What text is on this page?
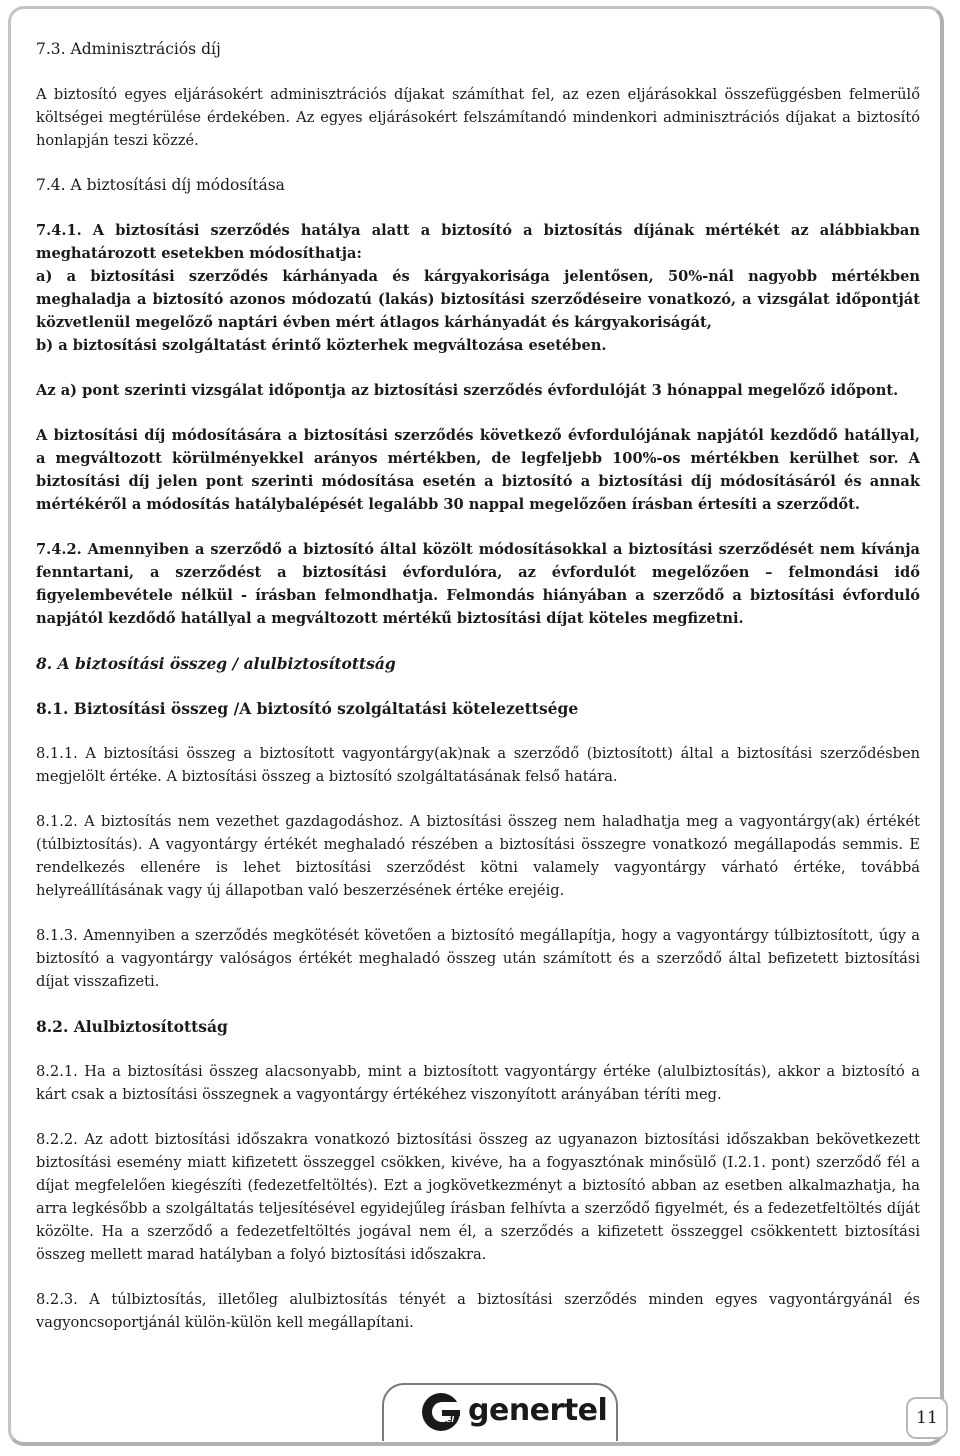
7.3. Adminisztrációs díj

A biztosító egyes eljárásokért adminisztrációs díjakat számíthat fel, az ezen eljárásokkal összefüggésben felmerülő költségei megtérülése érdekében. Az egyes eljárásokért felszámítandó mindenkori adminisztrációs díjakat a biztosító honlapján teszi közzé.

7.4. A biztosítási díj módosítása

7.4.1. A biztosítási szerződés hatálya alatt a biztosító a biztosítás díjának mértékét az alábbiakban meghatározott esetekben módosíthatja:

a) a biztosítási szerződés kárhányada és kárgyakorisága jelentősen, 50%-nál nagyobb mértékben meghaladja a biztosító azonos módozatú (lakás) biztosítási szerződéseire vonatkozó, a vizsgálat időpontját közvetlenül megelőző naptári évben mért átlagos kárhányadát és kárgyakoriságát,

b) a biztosítási szolgáltatást érintő közterhek megváltozása esetében.

Az a) pont szerinti vizsgálat időpontja az biztosítási szerződés évfordulóját 3 hónappal megelőző időpont.

A biztosítási díj módosítására a biztosítási szerződés következő évfordulójának napjától kezdődő hatállyal, a megváltozott körülményekkel arányos mértékben, de legfeljebb 100%-os mértékben kerülhet sor. A biztosítási díj jelen pont szerinti módosítása esetén a biztosító a biztosítási díj módosításáról és annak mértékéről a módosítás hatálybalépését legalább 30 nappal megelőzően írásban értesíti a szerződőt.

7.4.2. Amennyiben a szerződő a biztosító által közölt módosításokkal a biztosítási szerződését nem kívánja fenntartani, a szerződést a biztosítási évfordulóra, az évfordulót megelőzően – felmondási idő figyelembevétele nélkül - írásban felmondhatja. Felmondás hiányában a szerződő a biztosítási évforduló napjától kezdődő hatállyal a megváltozott mértékű biztosítási díjat köteles megfizetni.

8. A biztosítási összeg / alulbiztosítottság

8.1. Biztosítási összeg /A biztosító szolgáltatási kötelezettsége

8.1.1. A biztosítási összeg a biztosított vagyontárgy(ak)nak a szerződő (biztosított) által a biztosítási szerződésben megjelölt értéke. A biztosítási összeg a biztosító szolgáltatásának felső határa.

8.1.2. A biztosítás nem vezethet gazdagodáshoz. A biztosítási összeg nem haladhatja meg a vagyontárgy(ak) értékét (túlbiztosítás). A vagyontárgy értékét meghaladó részében a biztosítási összegre vonatkozó megállapodás semmis. E rendelkezés ellenére is lehet biztosítási szerződést kötni valamely vagyontárgy várható értéke, továbbá helyreállításának vagy új állapotban való beszerzésének értéke erejéig.

8.1.3. Amennyiben a szerződés megkötését követően a biztosító megállapítja, hogy a vagyontárgy túlbiztosított, úgy a biztosító a vagyontárgy valóságos értékét meghaladó összeg után számított és a szerződő által befizetett biztosítási díjat visszafizeti.

8.2. Alulbiztosítottság

8.2.1. Ha a biztosítási összeg alacsonyabb, mint a biztosított vagyontárgy értéke (alulbiztosítás), akkor a biztosító a kárt csak a biztosítási összegnek a vagyontárgy értékéhez viszonyított arányában téríti meg.

8.2.2. Az adott biztosítási időszakra vonatkozó biztosítási összeg az ugyanazon biztosítási időszakban bekövetkezett biztosítási esemény miatt kifizetett összeggel csökken, kivéve, ha a fogyasztónak minősülő (I.2.1. pont) szerződő fél a díjat megfelelően kiegészíti (fedezetfeltöltés). Ezt a jogkövetkezményt a biztosító abban az esetben alkalmazhatja, ha arra legkésőbb a szolgáltatás teljesítésével egyidejűleg írásban felhívta a szerződő figyelmét, és a fedezetfeltöltés díját közölte. Ha a szerződő a fedezetfeltöltés jogával nem él, a szerződés a kifizetett összeggel csökkentett biztosítási összeg mellett marad hatályban a folyó biztosítási időszakra.

8.2.3. A túlbiztosítás, illetőleg alulbiztosítás tényét a biztosítási szerződés minden egyes vagyontárgyánál és vagyoncsoportjánál külön-külön kell megállapítani.

tel genertel	11
